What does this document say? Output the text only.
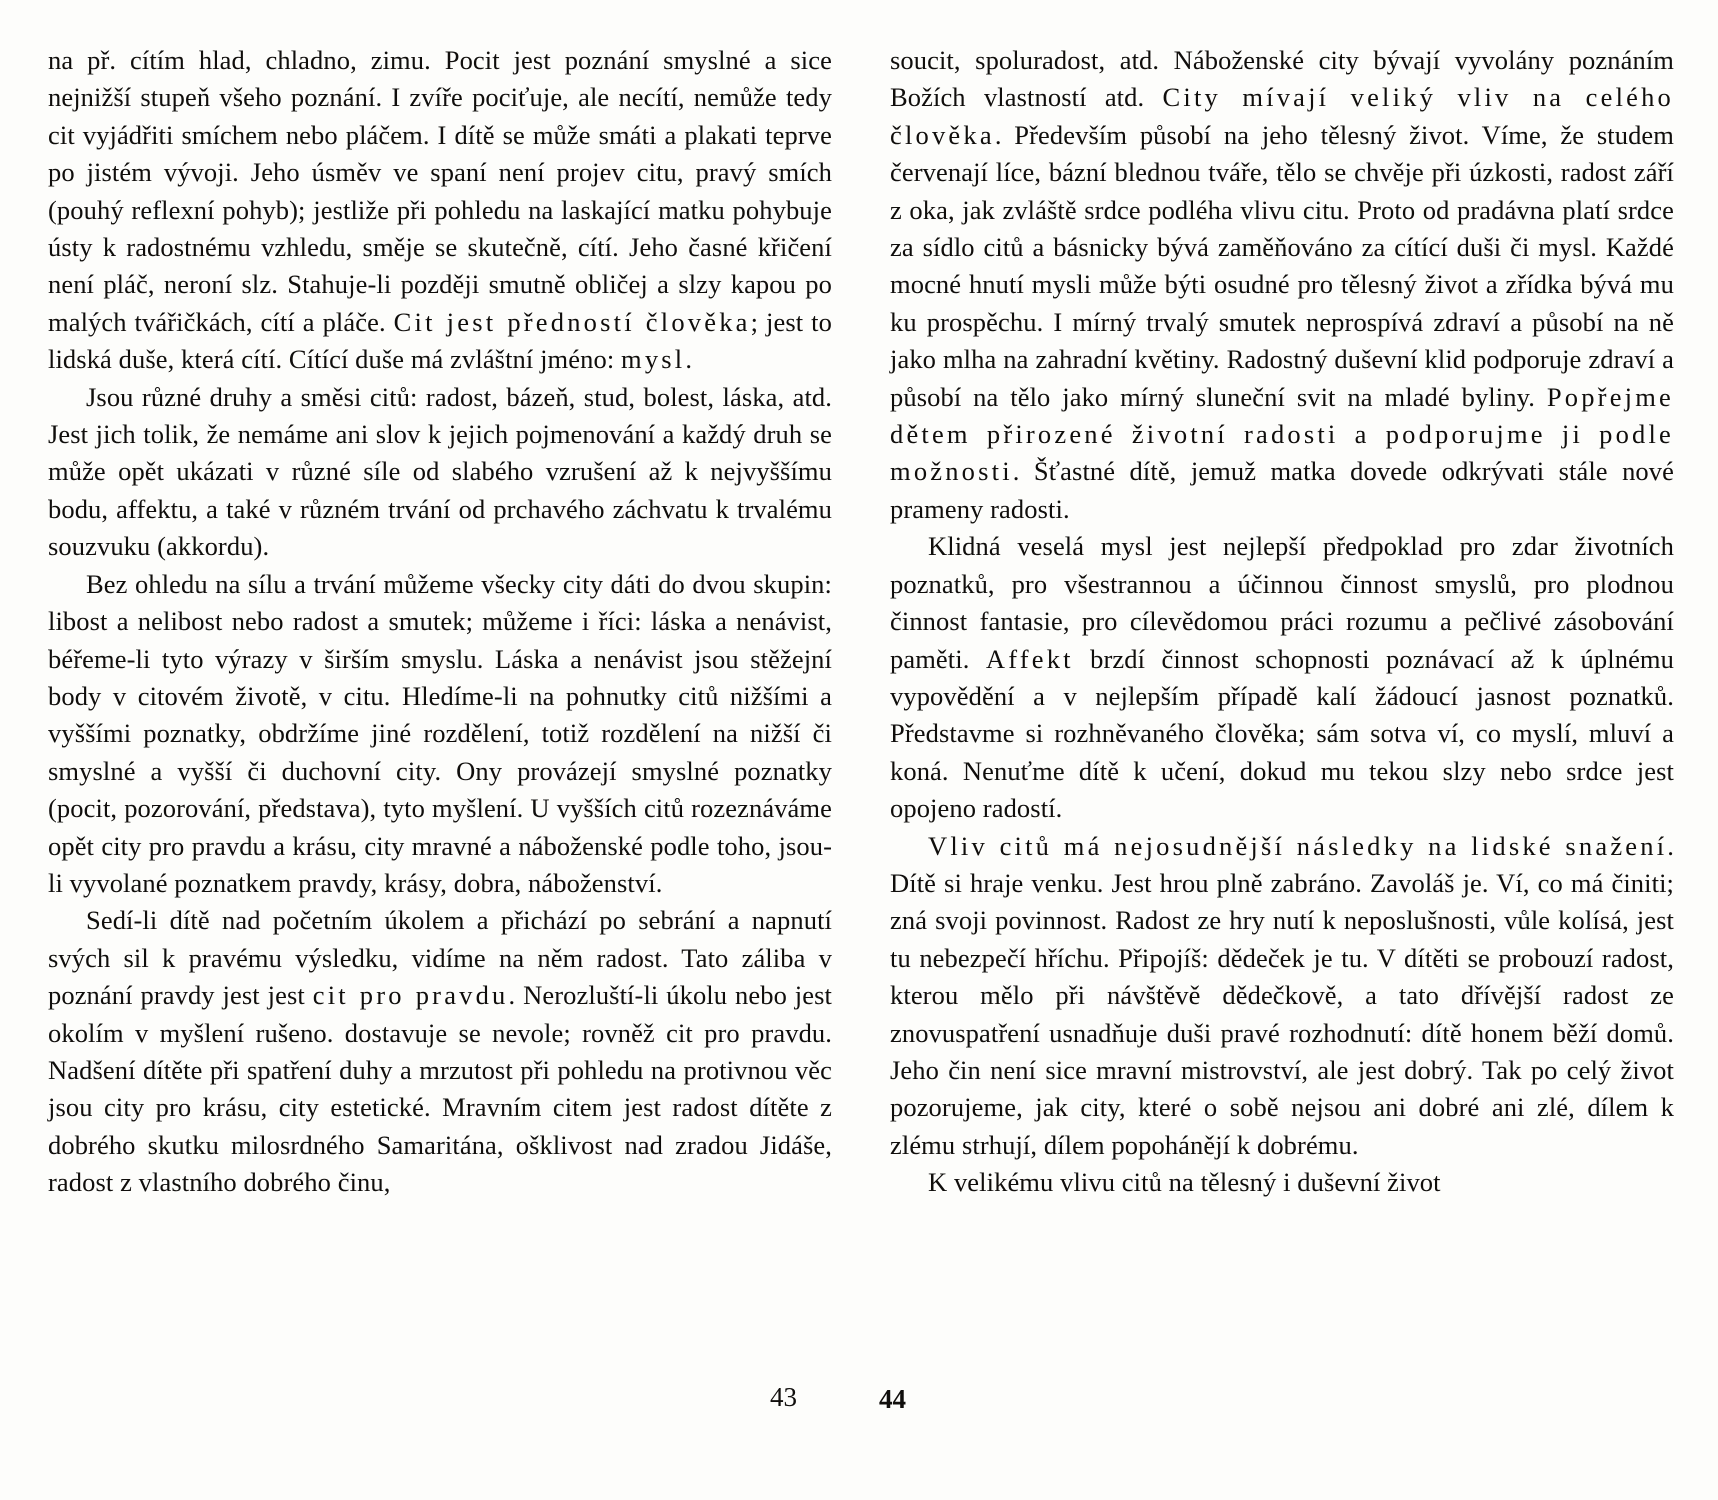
na př. cítím hlad, chladno, zimu. Pocit jest poznání smyslné a sice nejnižší stupeň všeho poznání. I zvíře pociťuje, ale necítí, nemůže tedy cit vyjádřiti smíchem nebo pláčem. I dítě se může smáti a plakati teprve po jistém vývoji. Jeho úsměv ve spaní není projev citu, pravý smích (pouhý reflexní pohyb); jestliže při pohledu na laskající matku pohybuje ústy k radostnému vzhledu, směje se skutečně, cítí. Jeho časné křičení není pláč, neroní slz. Stahuje-li později smutně obličej a slzy kapou po malých tvářičkách, cítí a pláče. Cit jest předností člověka; jest to lidská duše, která cítí. Cítící duše má zvláštní jméno: mysl.

Jsou různé druhy a směsi citů: radost, bázeň, stud, bolest, láska, atd. Jest jich tolik, že nemáme ani slov k jejich pojmenování a každý druh se může opět ukázati v různé síle od slabého vzrušení až k nejvyššímu bodu, affektu, a také v různém trvání od prchavého záchvatu k trvalému souzvuku (akkordu).

Bez ohledu na sílu a trvání můžeme všecky city dáti do dvou skupin: libost a nelibost nebo radost a smutek; můžeme i říci: láska a nenávist, béřeme-li tyto výrazy v širším smyslu. Láska a nenávist jsou stěžejní body v citovém životě, v citu. Hledíme-li na pohnutky citů nižšími a vyššími poznatky, obdržíme jiné rozdělení, totiž rozdělení na nižší či smyslné a vyšší či duchovní city. Ony provázejí smyslné poznatky (pocit, pozorování, představa), tyto myšlení. U vyšších citů rozeznáváme opět city pro pravdu a krásu, city mravné a náboženské podle toho, jsou-li vyvolané poznatkem pravdy, krásy, dobra, náboženství.

Sedí-li dítě nad početním úkolem a přichází po sebrání a napnutí svých sil k pravému výsledku, vidíme na něm radost. Tato záliba v poznání pravdy jest jest cit pro pravdu. Nerozluští-li úkolu nebo jest okolím v myšlení rušeno. dostavuje se nevole; rovněž cit pro pravdu. Nadšení dítěte při spatření duhy a mrzutost při pohledu na protivnou věc jsou city pro krásu, city estetické. Mravním citem jest radost dítěte z dobrého skutku milosrdného Samaritána, ošklivost nad zradou Jidáše, radost z vlastního dobrého činu,

soucit, spoluradost, atd. Náboženské city bývají vyvolány poznáním Božích vlastností atd. City mívají veliký vliv na celého člověka. Především působí na jeho tělesný život. Víme, že studem červenají líce, bázní blednou tváře, tělo se chvěje při úzkosti, radost září z oka, jak zvláště srdce podléha vlivu citu. Proto od pradávna platí srdce za sídlo citů a básnicky bývá zaměňováno za cítící duši či mysl. Každé mocné hnutí mysli může býti osudné pro tělesný život a zřídka bývá mu ku prospěchu. I mírný trvalý smutek neprospívá zdraví a působí na ně jako mlha na zahradní květiny. Radostný duševní klid podporuje zdraví a působí na tělo jako mírný sluneční svit na mladé byliny. Popřejme dětem přirozené životní radosti a podporujme ji podle možnosti. Šťastné dítě, jemuž matka dovede odkrývati stále nové prameny radosti.

Klidná veselá mysl jest nejlepší předpoklad pro zdar životních poznatků, pro všestrannou a účinnou činnost smyslů, pro plodnou činnost fantasie, pro cílevědomou práci rozumu a pečlivé zásobování paměti. Affekt brzdí činnost schopnosti poznávací až k úplnému vypovědění a v nejlepším případě kalí žádoucí jasnost poznatků. Představme si rozhněvaného člověka; sám sotva ví, co myslí, mluví a koná. Nenuťme dítě k učení, dokud mu tekou slzy nebo srdce jest opojeno radostí.

Vliv citů má nejosudnější následky na lidské snažení. Dítě si hraje venku. Jest hrou plně zabráno. Zavoláš je. Ví, co má činiti; zná svoji povinnost. Radost ze hry nutí k neposlušnosti, vůle kolísá, jest tu nebezpečí hříchu. Připojíš: dědeček je tu. V dítěti se probouzí radost, kterou mělo při návštěvě dědečkově, a tato dřívější radost ze znovuspatření usnadňuje duši pravé rozhodnutí: dítě honem běží domů. Jeho čin není sice mravní mistrovství, ale jest dobrý. Tak po celý život pozorujeme, jak city, které o sobě nejsou ani dobré ani zlé, dílem k zlému strhují, dílem popohánějí k dobrému.

K velikému vlivu citů na tělesný i duševní život

43	44
